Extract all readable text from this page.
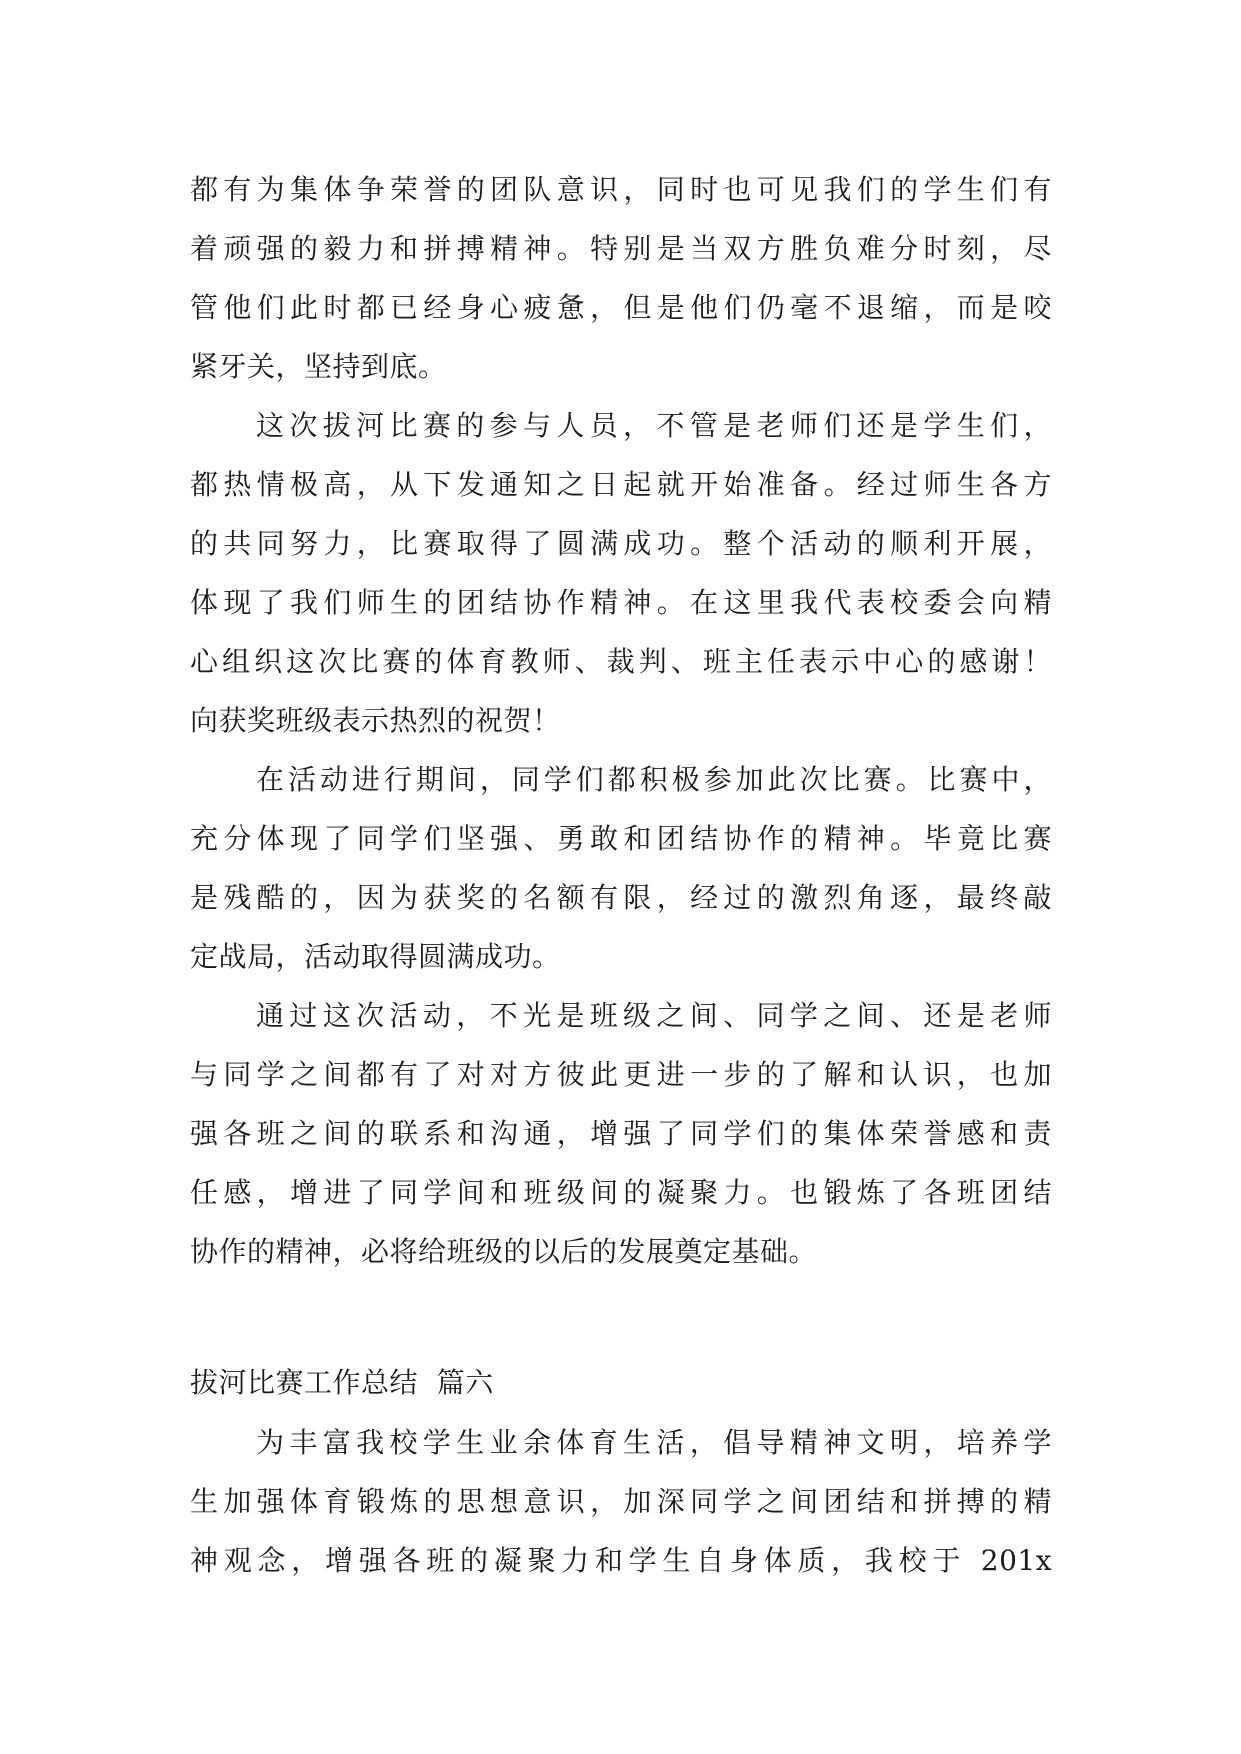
都有为集体争荣誉的团队意识，同时也可见我们的学生们有
着顽强的毅力和拼搏精神。特别是当双方胜负难分时刻，尽
管他们此时都已经身心疲惫，但是他们仍毫不退缩，而是咬
紧牙关，坚持到底。
这次拔河比赛的参与人员，不管是老师们还是学生们，
都热情极高，从下发通知之日起就开始准备。经过师生各方
的共同努力，比赛取得了圆满成功。整个活动的顺利开展，
体现了我们师生的团结协作精神。在这里我代表校委会向精
心组织这次比赛的体育教师、裁判、班主任表示中心的感谢！
向获奖班级表示热烈的祝贺！
在活动进行期间，同学们都积极参加此次比赛。比赛中，
充分体现了同学们坚强、勇敢和团结协作的精神。毕竟比赛
是残酷的，因为获奖的名额有限，经过的激烈角逐，最终敲
定战局，活动取得圆满成功。
通过这次活动，不光是班级之间、同学之间、还是老师
与同学之间都有了对对方彼此更进一步的了解和认识，也加
强各班之间的联系和沟通，增强了同学们的集体荣誉感和责
任感，增进了同学间和班级间的凝聚力。也锻炼了各班团结
协作的精神，必将给班级的以后的发展奠定基础。
拔河比赛工作总结  篇六
为丰富我校学生业余体育生活，倡导精神文明，培养学
生加强体育锻炼的思想意识，加深同学之间团结和拼搏的精
神观念，增强各班的凝聚力和学生自身体质，我校于 201x
